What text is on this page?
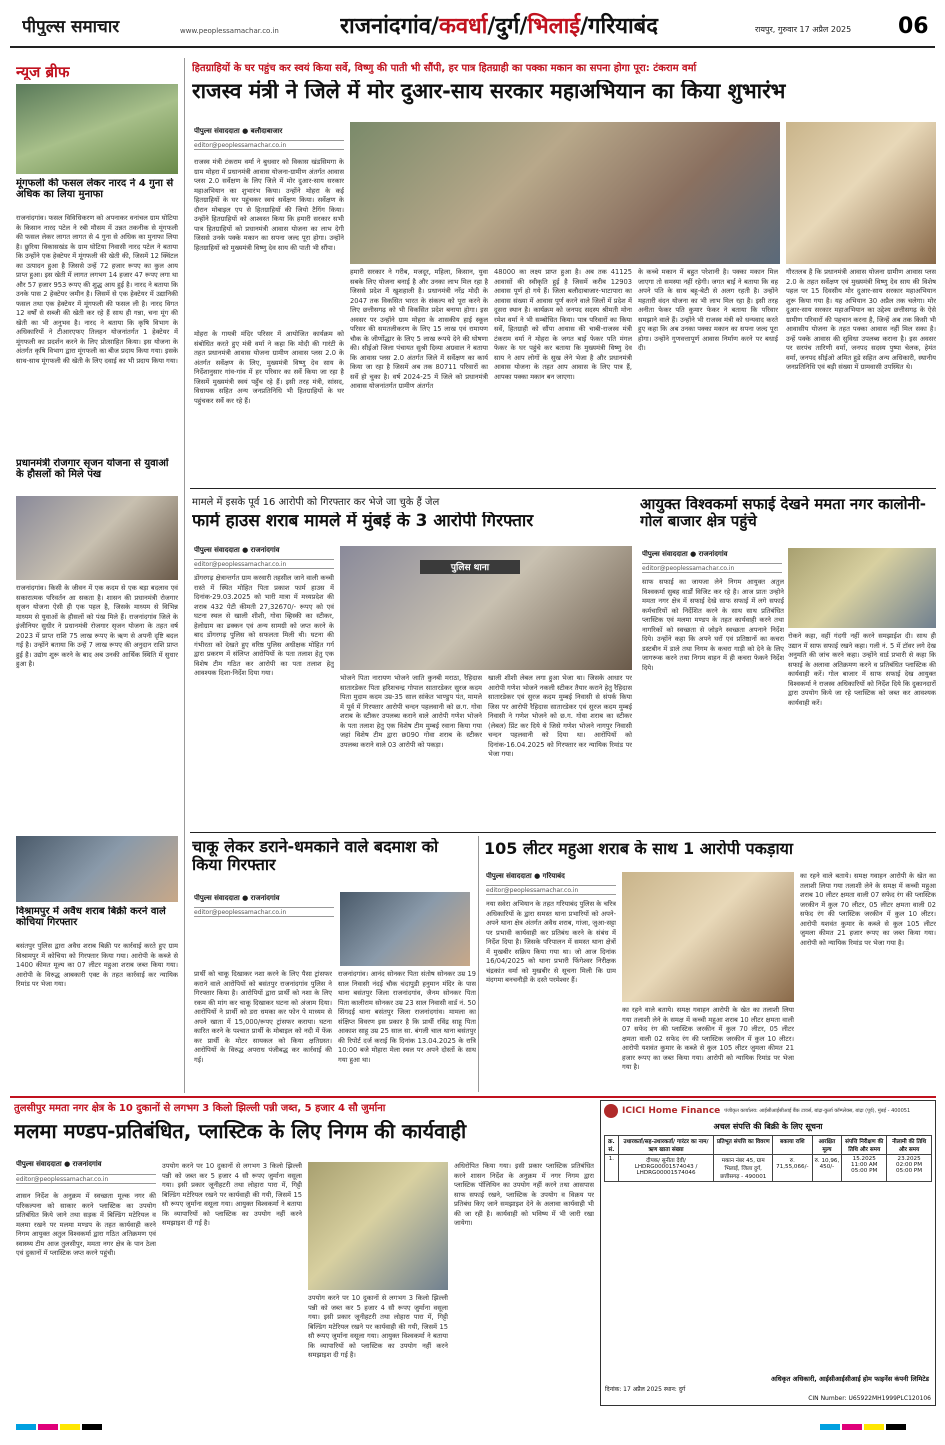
पीपुल्स समाचार	www.peoplessamachar.co.in	राजनांदगांव/कवर्धा/दुर्ग/भिलाई/गरियाबंद	रायपुर, गुरुवार 17 अप्रैल 2025	06
न्यूज ब्रीफ
मूंगफली की फसल लेकर नारद ने 4 गुना से अधिक का लिया मुनाफा
राजनांदगांव। फसल विविधिकरण को अपनाकर वनांचल ग्राम घोटिया के किसान नारद पटेल ने रबी मौसम में उन्नत तकनीक से मूंगफली की फसल लेकर लागत लागत से 4 गुना से अधिक का मुनाफा लिया है। छुरिया विकासखंड के ग्राम घोटिया निवासी नारद पटेल ने बताया कि उन्होंने एक हेक्टेयर में मूंगफली की खेती की, जिसमें 12 क्विंटल का उत्पादन हुआ है जिससे उन्हें 72 हजार रूपए का कुल आय प्राप्त हुआ। इस खेती में लागत लगभग 14 हजार 47 रूपए लगा था और 57 हजार 953 रूपए की शुद्ध आय हुई है। नारद ने बताया कि उनके पास 2 हेक्टेयर जमीन है। जिसमें से एक हेक्टेयर में उद्यानिकी फसल तथा एक हेक्टेयर में मूंगफली की फसल ली है। नारद विगत 12 वर्षों से सब्जी की खेती कर रहे हैं साथ ही गन्ना, चना मूंग की खेती का भी अनुभव है। नारद ने बताया कि कृषि विभाग के अधिकारियों ने टीआरएफए तिलहन योजनांतर्गत 1 हेक्टेयर में मूंगफली का प्रदर्शन करने के लिए प्रोत्साहित किया। इस योजना के अंतर्गत कृषि विभाग द्वारा मूंगफली का बीज प्रदाय किया गया। इसके साथ-साथ मूंगफली की खेती के लिए दवाई का भी प्रदाय किया गया।
प्रधानमंत्री रोजगार सृजन योजना से युवाओं के हौसलों को मिले पंख
राजनांदगांव। किसी के जीवन में एक कदम से एक बड़ा बदलाव एवं सकारात्मक परिवर्तन आ सकता है। शासन की प्रधानमंत्री रोजगार सृजन योजना ऐसी ही एक पहल है, जिसके माध्यम से विभिन्न माध्यम से युवाओं के हौसलों को पंख मिले हैं। राजनांदगांव जिले के इंजीनियर सुधीर ने प्रधानमंत्री रोजगार सृजन योजना के तहत वर्ष 2023 में प्राप्त राशि 75 लाख रूपए के ऋण से अपनी दृष्टि बदल गई है। उन्होंने बताया कि उन्हें 7 लाख रूपए की अनुदान राशि प्राप्त हुई है। उद्योग शुरू करने के बाद अब उनकी आर्थिक स्थिति में सुधार हुआ है।
विश्रामपुर में अवैध शराब बिक्री करने वाले कोचिया गिरफ्तार
बसंतपुर पुलिस द्वारा अवैध शराब बिक्री पर कार्रवाई करते हुए ग्राम विश्रामपुर में कोचिया को गिरफ्तार किया गया। आरोपी के कब्जे से 1400 कीमत मूल्य का 07 लीटर महुआ शराब जब्त किया गया। आरोपी के विरुद्ध आबकारी एक्ट के तहत कार्रवाई कर न्यायिक रिमांड पर भेजा गया।
हितग्राहियों के घर पहुंच कर स्वयं किया सर्वे, विष्णु की पाती भी सौंपी, हर पात्र हितग्राही का पक्का मकान का सपना होगा पूरा: टंकराम वर्मा
राजस्व मंत्री ने जिले में मोर दुआर-साय सरकार महाअभियान का किया शुभारंभ
पीपुल्स संवाददाता ● बलौदाबाजार
editor@peoplessamachar.co.in
राजस्व मंत्री टंकराम वर्मा ने बुधवार को विकास खंडसिमगा के ग्राम मोहरा में प्रधानमंत्री आवास योजना-ग्रामीण अंतर्गत आवास प्लस 2.0 सर्वेक्षण के लिए जिले में मोर दुआर-साय सरकार महाअभियान का शुभारंभ किया। उन्होंने मोहरा के कई हितग्राहियों के घर पहुंचकर स्वयं सर्वेक्षण किया। सर्वेक्षण के दौरान मोबाइल एप से हितग्राहियों की जियो टैगिंग किया। उन्होंने हितग्राहियों को आश्वस्त किया कि हमारी सरकार सभी पात्र हितग्राहियों को प्रधानमंत्री आवास योजना का लाभ देगी जिससे उनके पक्के मकान का सपना जल्द पूरा होगा। उन्होंने हितग्राहियों को मुख्यमंत्री विष्णु देव साय की पाती भी सौंपा।
मोहरा के गायत्री मंदिर परिसर में आयोजित कार्यक्रम को संबोधित करते हुए मंत्री वर्मा ने कहा कि मोदी की गारंटी के तहत प्रधानमंत्री आवास योजना ग्रामीण आवास प्लस 2.0 के अंतर्गत सर्वेक्षण के लिए, मुख्यमंत्री विष्णु देव साय के निर्देशानुसार गांव-गांव में हर परिवार का सर्वे किया जा रहा है जिसमें मुख्यमंत्री स्वयं पहुँच रहे हैं। इसी तरह मंत्री, सांसद, विधायक सहित अन्य जनप्रतिनिधि भी हितग्राहियों के घर पहुंचकर सर्वे कर रहे हैं।
हमारी सरकार ने गरीब, मजदूर, महिला, किसान, युवा सबके लिए योजना बनाई है और उनका लाभ मिल रहा है जिससे प्रदेश में खुशहाली है। प्रधानमंत्री नरेंद्र मोदी के 2047 तक विकसित भारत के संकल्प को पूरा करने के लिए छत्तीसगढ़ को भी विकसित प्रदेश बनाया होगा। इस अवसर पर उन्होंने ग्राम मोहरा के शासकीय हाई स्कूल परिसर की समतलीकरण के लिए 15 लाख एवं रामायण चौक के जीर्णोद्धार के लिए 5 लाख रूपये देने की घोषणा की। सीईओ जिला पंचायत सुश्री दिव्या अग्रवाल ने बताया कि आवास प्लस 2.0 अंतर्गत जिले में सर्वेक्षण का कार्य किया जा रहा है जिसमें अब तक 80711 परिवारों का सर्वे हो चुका है। वर्ष 2024-25 में जिले को प्रधानमंत्री आवास योजनांतर्गत ग्रामीण अंतर्गत
48000 का लक्ष्य प्राप्त हुआ है। अब तक 41125 आवासों की स्वीकृति हुई है जिसमें करीब 12903 आवास पूर्ण हो गये हैं। जिला बलौदाबाजार-भाटापारा का आवास संख्या में आवास पूर्ण करने वाले जिलों में प्रदेश में दूसरा स्थान है। कार्यक्रम को जनपद सदस्य श्रीमती मोना रमेश वर्मा ने भी सम्बोधित किया। पात्र परिवारों का किया सर्वे, हितग्राही को सौंपा आवास की चाबी-राजस्व मंत्री टंकराम वर्मा ने मोहरा के जगत बाई फेकर पति मंगल फेकर के घर पहुंचे कर बताया कि मुख्यमंत्री विष्णु देव साय ने आप लोगों के सुख लेने भेजा है और प्रधानमंत्री आवास योजना के तहत आप आवास के लिए पात्र हैं, आपका पक्का मकान बन जाएगा।
के कच्चे मकान में बहुत परेशानी है। पक्का मकान मिल जाएगा तो समस्या नहीं रहेगी। जगत बाई ने बताया कि वह अपने पति के साथ बहू-बेटी से अलग रहती है। उन्होंने महतारी वंदन योजना का भी लाभ मिल रहा है। इसी तरह अनीता फेकर पति कुमार फेकर ने बताया कि परिवार समझाने वाले हैं। उन्होंने भी राजस्व मंत्री को धन्यवाद करते हुए कहा कि अब उनका पक्का मकान का सपना जल्द पूरा होगा। उन्होंने गुणवत्तापूर्ण आवास निर्माण करने पर बधाई दी।
गौरतलब है कि प्रधानमंत्री आवास योजना ग्रामीण आवास प्लस 2.0 के तहत सर्वेक्षण एवं मुख्यमंत्री विष्णु देव साय की विशेष पहल पर 15 दिवसीय मोर दुआर-साय सरकार महाअभियान शुरू किया गया है। यह अभियान 30 अप्रैल तक चलेगा। मोर दुआर-साय सरकार महाअभियान का उद्देश्य छत्तीसगढ़ के ऐसे ग्रामीण परिवारों की पहचान करना है, जिन्हें अब तक किसी भी आवासीय योजना के तहत पक्का आवास नहीं मिल सका है। उन्हें पक्के आवास की सुविधा उपलब्ध कराना है। इस अवसर पर सरपंच तारिणी वर्मा, जनपद सदस्य पुष्पा चेलक, हेमंत वर्मा, जनपद सीईओ अमित हुडे सहित अन्य अधिकारी, स्थानीय जनप्रतिनिधि एवं बड़ी संख्या में ग्रामवासी उपस्थित थे।
मामले में इसके पूर्व 16 आरोपी को गिरफ्तार कर भेजे जा चुके हैं जेल
फार्म हाउस शराब मामले में मुंबई के 3 आरोपी गिरफ्तार
पीपुल्स संवाददाता ● राजनांदगांव
editor@peoplessamachar.co.in
डोंगरगढ़ क्षेत्रान्तर्गत ग्राम करवारी तहसील जाने वाली कच्ची रास्ते में स्थित मोहित पिता प्रकाश फार्म हाउस में दिनांक-29.03.2025 को भारी मात्रा में मध्यप्रदेश की शराब 432 पेटी कीमती 27,32670/- रूपए को एवं घटना स्थल से खाली शीशी, गोवा व्हिस्की का स्टीकर, हेलोग्राम का ढक्कन एवं अन्य सामग्री को जप्त करने के बाद डोंगरगढ़ पुलिस को सफलता मिली थी। घटना की गंभीरता को देखते हुए वरिष्ठ पुलिस अधीक्षक मोहित गर्ग द्वारा प्रकरण में संलिप्त आरोपियों के पता तलाश हेतु एक विशेष टीम गठित कर आरोपी का पता तलाश हेतु आवश्यक दिशा-निर्देश दिया गया।
पुलिस थाना
भोजने पिता नारायण भोजने जाति कुनबी मराठा, रैहिदास सातारडेकर पिता हरिशचन्द्र गोपाल सातारडेकर सुरज कदम पिता मुदाम कदम उम्र-35 साल सांकेत भाण्डुप पंत, मामले में पूर्व में गिरफ्तार आरोपी चन्दन पहलवानी को छ.ग. गोवा शराब के स्टीकर उपलब्ध कराने वाले आरोपी गणेश भोजने के पता तलाश हेतु एक विशेष टीम मुम्बई रवाना किया गया जहां विशेष टीम द्वारा छ090 गोवा शराब के स्टीकर उपलब्ध कराने वाले 03 आरोपी को पकड़ा।
खाली शीशी लेबल लगा हुआ भेजा था। जिसके आधार पर आरोपी गणेश भोजने नकली स्टीकर तैयार कराने हेतु रैहिदास सातारडेकर एवं सुरज कदम मुम्बई निवासी से संपर्क किया जिस पर आरोपी रैहिदास सातारडेकर एवं सुरज कदम मुम्बई निवासी ने गणेश भोजने को छ.ग. गोवा शराब का स्टीकर (लेबल) प्रिंट कर दिये थे जिसे गणेश भोजने नागपुर निवासी चन्दन पहलवानी को दिया था। आरोपियों को दिनांक-16.04.2025 को गिरफ्तार कर न्यायिक रिमांड पर भेजा गया।
आयुक्त विश्वकर्मा सफाई देखने ममता नगर कालोनी-गोल बाजार क्षेत्र पहुंचे
पीपुल्स संवाददाता ● राजनांदगांव
editor@peoplessamachar.co.in
साफ सफाई का जायजा लेने निगम आयुक्त अतुल विश्वकर्मा सुबह वार्डों विजिट कर रहे है। आज प्रातः उन्होने ममता नगर क्षेत्र में सफाई देखे साफ सफाई में लगे सफाई कर्मचारियों को निर्देशित करने के साथ साथ प्रतिबंधित प्लास्टिक एवं मलमा मण्डप के तहत कार्यवाही करने तथा नागरिकों को स्वच्छता से जोड़ने स्वच्छता अपनाने निर्देश दिये। उन्होंने कहा कि अपने घरों एवं प्रतिष्ठानों का कचरा डस्टबीन में डाले तथा निगम के कचरा गाड़ी को देने के लिए जागरूक करने तथा निगम वाहन में ही कचरा फेकने निर्देश दिये।
रोकने कहा, वहीं गंदगी नहीं करने समझाईश दी। साथ ही उद्यान में साफ सफाई रखने कहा। गली नं. 5 में टॉवर लगे देख अनुमति की जांच करने कहा। उन्होंने वार्ड प्रभारी से कहा कि सफाई के अलावा अतिक्रमण करने व प्रतिबंधित प्लास्टिक की कार्यवाही करें। गोल बाजार में साफ सफाई देख आयुक्त विश्वकर्मा ने राजस्व अधिकारियों को निर्देश दिये कि दुकानदारों द्वारा उपयोग किये जा रहे प्लास्टिक को जब्त कर आवश्यक कार्यवाही करें।
चाकू लेकर डराने-धमकाने वाले बदमाश को किया गिरफ्तार
पीपुल्स संवाददाता ● राजनांदगांव
editor@peoplessamachar.co.in
प्रार्थी को चाकू दिखाकर नशा करने के लिए पैसा ट्रांसफर कराने वाले आरोपियों को बसंतपुर राजनांदगांव पुलिस ने गिरफ्तार किया है। आरोपियों द्वारा प्रार्थी को नशा के लिए रकम की मांग कर चाकू दिखाकर घटना को अंजाम दिया। आरोपियों ने प्रार्थी को डरा धमका कर फोन पे माध्यम से अपने खाता में 15,000/रूपए ट्रांसफर कराया। घटना कारित करने के पश्चात प्रार्थी के मोबाइल को नदी में फेंक कर प्रार्थी के मोटर सायकल को किया क्षतिग्रस्त। आरोपियों के विरुद्ध अपराध पंजीबद्ध कर कार्रवाई की गई।
राजनांदगांव। आनंद सोनकर पिता संतोष सोनकर उम्र 19 साल निवासी नंदई चौक चंदापुडी हनुमान मंदिर के पास थाना बसंतपुर जिला राजनांदगांव, जैनम सोनकर पिता पिता कालीराम सोनकर उम्र 23 साल निवासी वार्ड नं. 50 सिंगदई थाना बसंतपुर जिला राजनांदगांव। मामला का संक्षिप्त विवरण इस प्रकार है कि प्रार्थी रविंद्र साहू पिता आकाश साहू उम्र 25 साल सा. बंगली चाल थाना बसंतपुर की रिपोर्ट दर्ज कराई कि दिनांक 13.04.2025 के रात्रि 10:00 बजे मोहारा मेला स्थल पर अपने दोस्तों के साथ गया हुआ था।
105 लीटर महुआ शराब के साथ 1 आरोपी पकड़ाया
पीपुल्स संवाददाता ● गरियाबंद
editor@peoplessamachar.co.in
नया सवेरा अभियान के तहत गरियाबंद पुलिस के चरित्र अधिकारियों के द्वारा समस्त थाना प्रभारियों को अपने-अपने थाना क्षेत्र अंतर्गत अवैध शराब, गांजा, जुआ-सट्टा पर प्रभावी कार्यवाही कर प्रतिबंध करने के संबंध में निर्देश दिया है। जिसके परिपालन में समस्त थाना क्षेत्रों में मुखबीर सक्रिय किया गया था। जो आज दिनांक 16/04/2025 को थाना प्रभारी फिंगेश्वर निरीक्षक चंद्रकांत वर्मा को मुखबीर से सूचना मिली कि ग्राम मंदगमा बनचनौड़ी के दस्ते परमेश्वर हैं।
का रहने वाले बताये। समक्ष गवाहन आरोपी के खेत का तलाशी लिया गया तलाशी लेने के समक्ष में कच्ची महुआ शराब 10 लीटर क्षमता वाली 07 सफेद रंग की प्लास्टिक जरकीन में कुल 70 लीटर, 05 लीटर क्षमता वाली 02 सफेद रंग की प्लास्टिक जरकीन में कुल 10 लीटर। आरोपी यशवंत कुमार के कब्जे से कुल 105 लीटर जुमला कीमत 21 हजार रूपए का जब्त किया गया। आरोपी को न्यायिक रिमांड पर भेजा गया है।
का रहने वाले बताये। समक्ष गवाहन आरोपी के खेत का तलाशी लिया गया तलाशी लेने के समक्ष में कच्ची महुआ शराब 10 लीटर क्षमता वाली 07 सफेद रंग की प्लास्टिक जरकीन में कुल 70 लीटर, 05 लीटर क्षमता वाली 02 सफेद रंग की प्लास्टिक जरकीन में कुल 10 लीटर। आरोपी यशवंत कुमार के कब्जे से कुल 105 लीटर जुमला कीमत 21 हजार रूपए का जब्त किया गया। आरोपी को न्यायिक रिमांड पर भेजा गया है।
तुलसीपुर ममता नगर क्षेत्र के 10 दुकानों से लगभग 3 किलो झिल्ली पन्नी जब्त, 5 हजार 4 सौ जुर्माना
मलमा मण्डप-प्रतिबंधित, प्लास्टिक के लिए निगम की कार्यवाही
पीपुल्स संवाददाता ● राजनांदगांव
editor@peoplessamachar.co.in
शासन निर्देश के अनुक्रम में स्वच्छता मूल्क नगर की परिकल्पना को साकार करने प्लास्टिक का उपयोग प्रतिबंधित किये जाने तथा सड़क में बिल्डिंग मटेरियल व मलमा रखने पर मलमा मण्डप के तहत कार्यवाही करने निगम आयुक्त अतुल विश्वकर्मा द्वारा गठित अतिक्रमण एवं स्वास्थ्य टीम आज तुलसीपुर, ममता नगर क्षेत्र के पान ठेला एवं दुकानों में प्लास्टिक जप्त करने पहुंची।
उपयोग करने पर 10 दुकानों से लगभग 3 किलो झिल्ली पन्नी को जब्त कर 5 हजार 4 सौ रूपए जुर्माना वसूला गया। इसी प्रकार जूनीहटरी तथा लोहारा पारा में, गिट्टी बिल्डिंग मटेरियल रखने पर कार्यवाही की गयी, जिसमें 15 सौ रूपए जुर्माना वसूला गया। आयुक्त विश्वकर्मा ने बताया कि व्यापारियों को प्लास्टिक का उपयोग नहीं करने समझाइश दी गई है।
अधिरोपित किया गया। इसी प्रकार प्लास्टिक प्रतिबंधित करने शासन निर्देश के अनुक्रम में नगर निगम द्वारा प्लास्टिक पॉलिथिन का उपयोग नहीं करने तथा आसपास साफ सफाई रखने, प्लास्टिक के उपयोग व विक्रय पर प्रतिबंध किए जाने समझाइश देने के अलावा कार्यवाही भी की जा रही है। कार्यवाही को भविष्य में भी जारी रखा जायेगा।
उपयोग करने पर 10 दुकानों से लगभग 3 किलो झिल्ली पन्नी को जब्त कर 5 हजार 4 सौ रूपए जुर्माना वसूला गया। इसी प्रकार जूनीहटरी तथा लोहारा पारा में, गिट्टी बिल्डिंग मटेरियल रखने पर कार्यवाही की गयी, जिसमें 15 सौ रूपए जुर्माना वसूला गया। आयुक्त विश्वकर्मा ने बताया कि व्यापारियों को प्लास्टिक का उपयोग नहीं करने समझाइश दी गई है।
ICICI Home Finance पंजीकृत कार्यालय: आईसीआईसीआई बैंक टावर्स, बांद्रा-कुर्ला कॉम्प्लेक्स, बांद्रा (पूर्व), मुंबई - 400051
अचल संपत्ति की बिक्री के लिए सूचना
क्र. सं.	उधारकर्ता/सह-उधारकर्ता/ गारंटर का नाम/ ऋण खाता संख्या	प्रतिभूत संपत्ति का विवरण	बकाया राशि	आरक्षित मूल्य	संपत्ति निरीक्षण की तिथि और समय	नीलामी की तिथि और समय
1.	दीपक/ सुनीता देवी/ LHDRG00001574043 / LHDRG00001574046	मकान नंबर 45, ग्राम भिलाई, जिला दुर्ग, छत्तीसगढ़ - 490001	रु. 71,55,066/-	रु. 10,96, 450/-	15.2025 11:00 AM 05:00 PM	23.2025 02:00 PM 05:00 PM
अधिकृत अधिकारी, आईसीआईसीआई होम फाइनेंस कंपनी लिमिटेड
दिनांक: 17 अप्रैल 2025 स्थान: दुर्ग
CIN Number: U65922MH1999PLC120106
